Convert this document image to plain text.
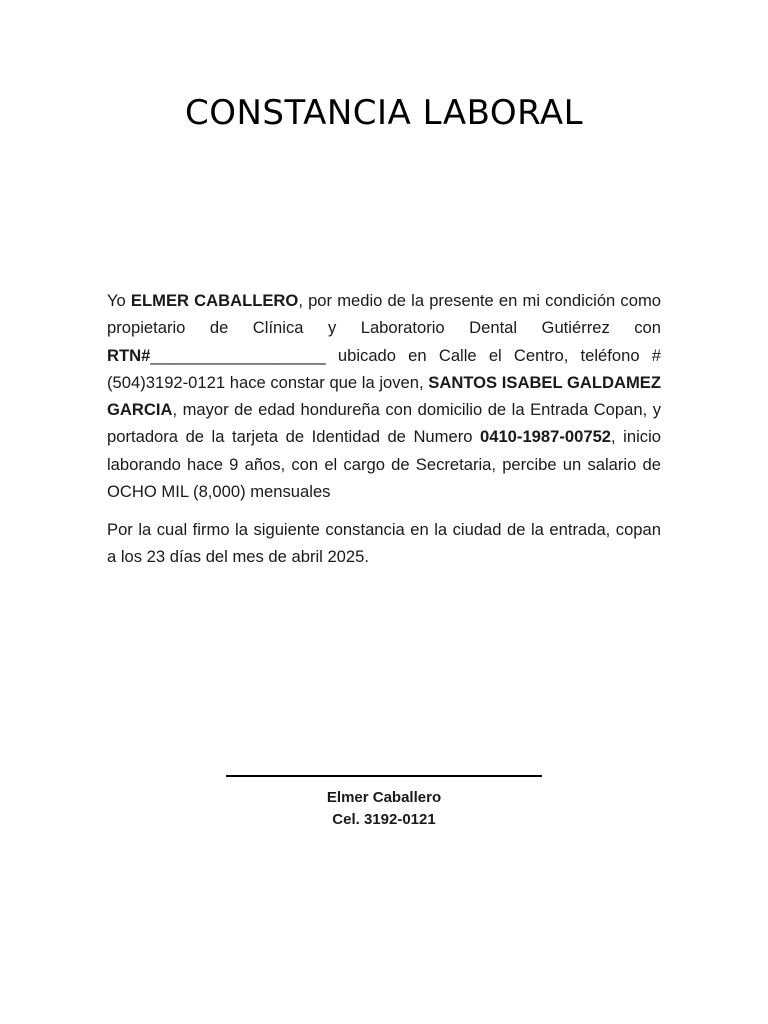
CONSTANCIA LABORAL

Yo ELMER CABALLERO, por medio de la presente en mi condición como propietario de Clínica y Laboratorio Dental Gutiérrez con RTN#___________________ ubicado en Calle el Centro, teléfono # (504)3192-0121 hace constar que la joven, SANTOS ISABEL GALDAMEZ GARCIA, mayor de edad hondureña con domicilio de la Entrada Copan, y portadora de la tarjeta de Identidad de Numero 0410-1987-00752, inicio laborando hace 9 años, con el cargo de Secretaria, percibe un salario de OCHO MIL (8,000) mensuales

Por la cual firmo la siguiente constancia en la ciudad de la entrada, copan a los 23 días del mes de abril 2025.

Elmer Caballero
Cel. 3192-0121
